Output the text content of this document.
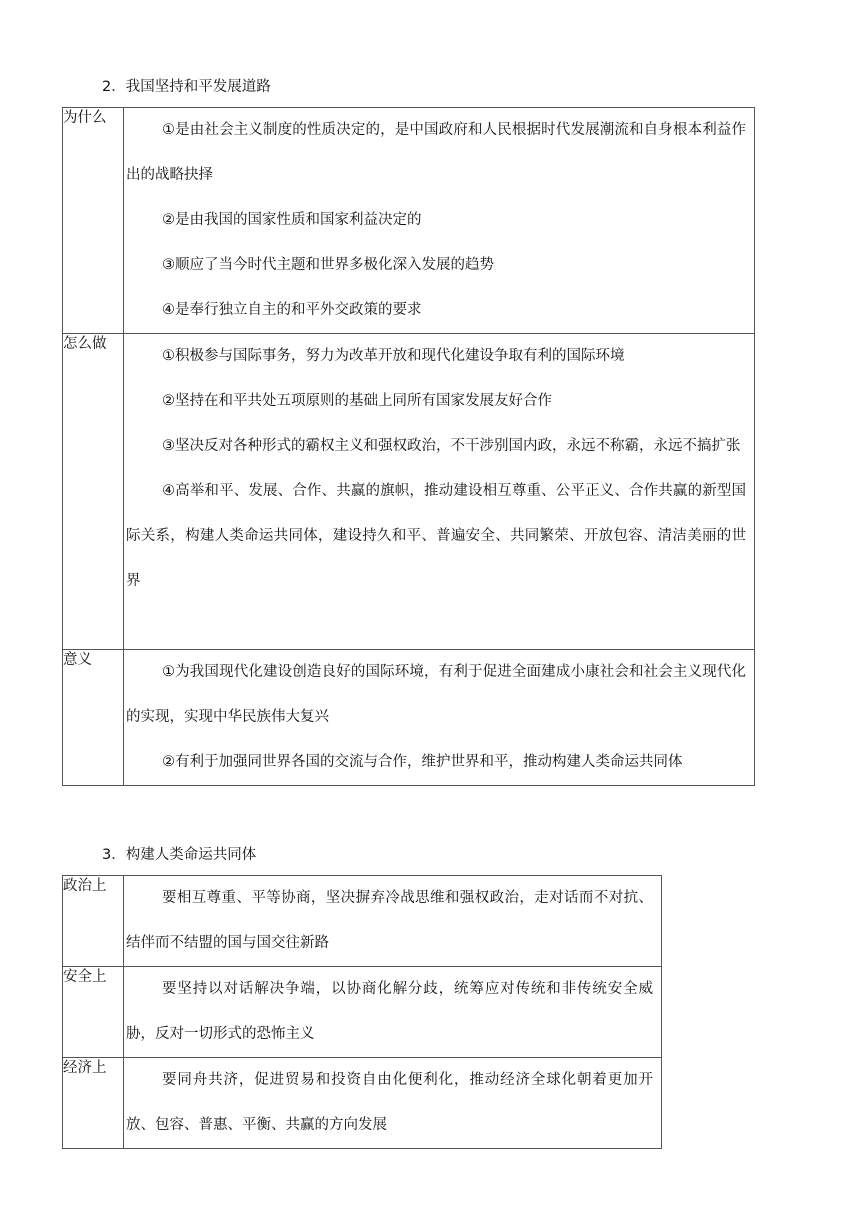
2．我国坚持和平发展道路
为什么	①是由社会主义制度的性质决定的，是中国政府和人民根据时代发展潮流和自身根本利益作出的战略抉择

②是由我国的国家性质和国家利益决定的

③顺应了当今时代主题和世界多极化深入发展的趋势

④是奉行独立自主的和平外交政策的要求

怎么做	①积极参与国际事务，努力为改革开放和现代化建设争取有利的国际环境

②坚持在和平共处五项原则的基础上同所有国家发展友好合作

③坚决反对各种形式的霸权主义和强权政治，不干涉别国内政，永远不称霸，永远不搞扩张

④高举和平、发展、合作、共赢的旗帜，推动建设相互尊重、公平正义、合作共赢的新型国际关系，构建人类命运共同体，建设持久和平、普遍安全、共同繁荣、开放包容、清洁美丽的世界

意义	①为我国现代化建设创造良好的国际环境，有利于促进全面建成小康社会和社会主义现代化的实现，实现中华民族伟大复兴

②有利于加强同世界各国的交流与合作，维护世界和平，推动构建人类命运共同体

3．构建人类命运共同体
政治上	要相互尊重、平等协商，坚决摒弃冷战思维和强权政治，走对话而不对抗、结伴而不结盟的国与国交往新路

安全上	要坚持以对话解决争端，以协商化解分歧，统筹应对传统和非传统安全威胁，反对一切形式的恐怖主义

经济上	要同舟共济，促进贸易和投资自由化便利化，推动经济全球化朝着更加开放、包容、普惠、平衡、共赢的方向发展
